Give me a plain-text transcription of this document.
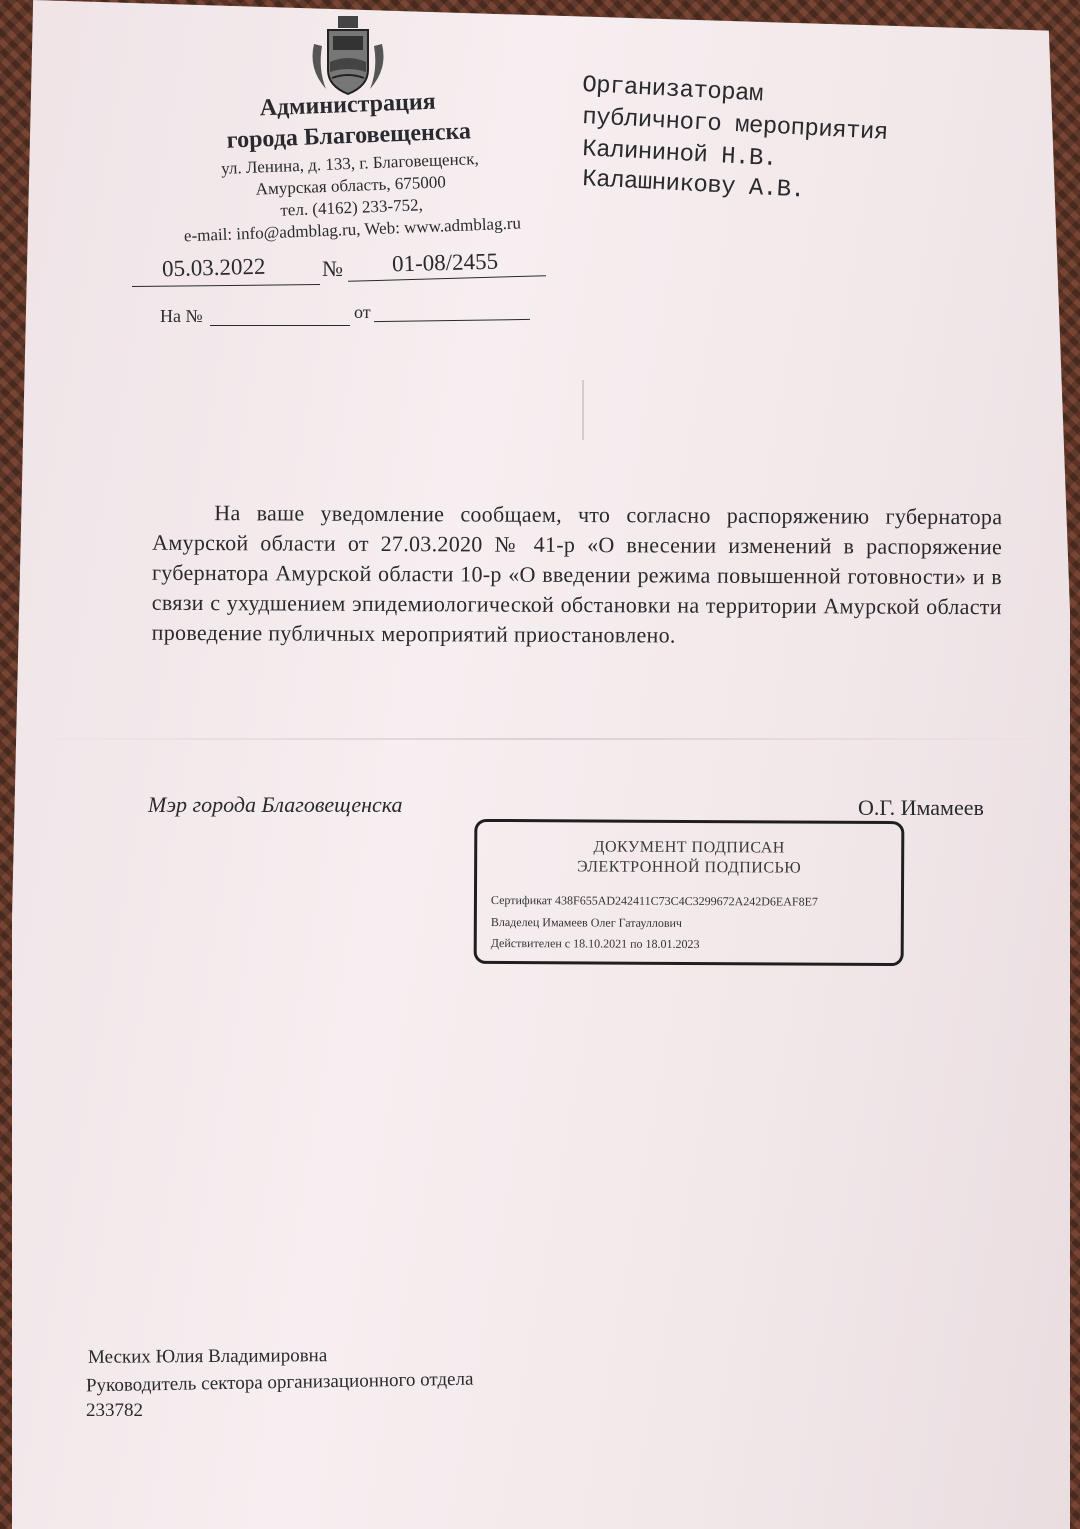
Администрация
города Благовещенска
ул. Ленина, д. 133, г. Благовещенск,
Амурская область, 675000
тел. (4162) 233-752,
e-mail: info@admblag.ru, Web: www.admblag.ru
05.03.2022	№ 01-08/2455
На №	от
Организаторам
публичного мероприятия
Калининой Н.В.
Калашникову А.В.
На ваше уведомление сообщаем, что согласно распоряжению губернатора Амурской области от 27.03.2020 № 41-р «О внесении изменений в распоряжение губернатора Амурской области 10-р «О введении режима повышенной готовности» и в связи с ухудшением эпидемиологической обстановки на территории Амурской области проведение публичных мероприятий приостановлено.
Мэр города Благовещенска	О.Г. Имамеев
ДОКУМЕНТ ПОДПИСАН
ЭЛЕКТРОННОЙ ПОДПИСЬЮ
Сертификат 438F655AD242411C73C4C3299672A242D6EAF8E7
Владелец Имамеев Олег Гатауллович
Действителен с 18.10.2021 по 18.01.2023
Меских Юлия Владимировна
Руководитель сектора организационного отдела
233782
